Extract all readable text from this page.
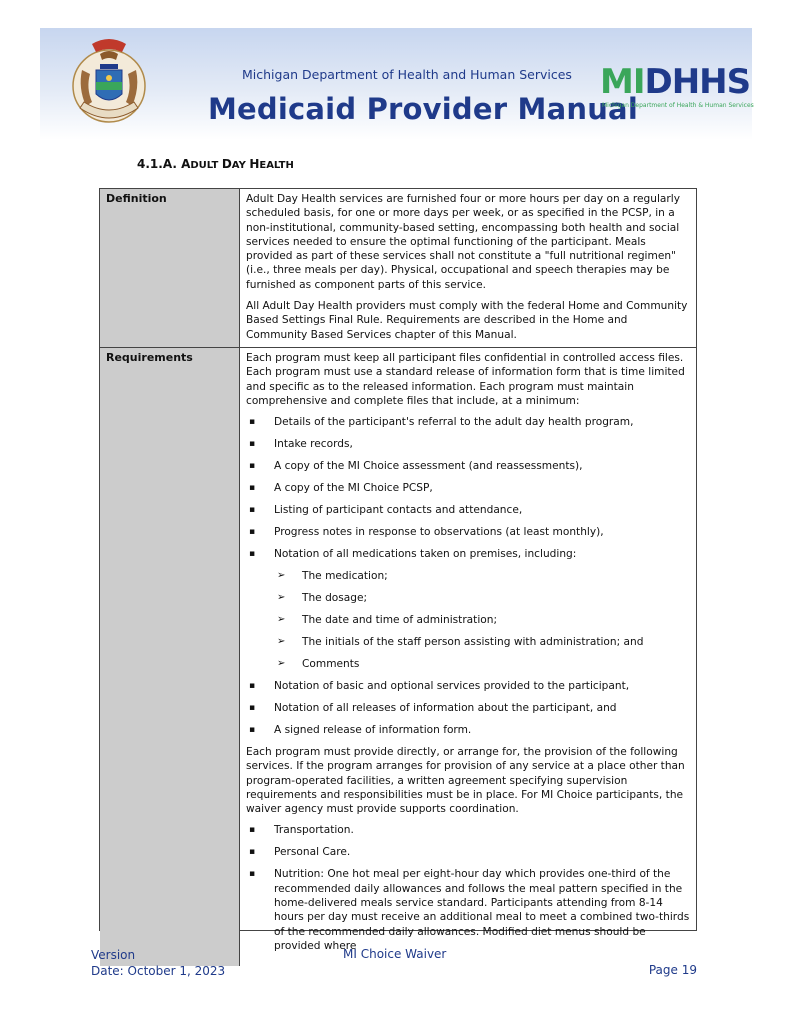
Michigan Department of Health and Human Services
Medicaid Provider Manual
MIDHHS
Michigan Department of Health & Human Services
4.1.A. ADULT DAY HEALTH
Definition	Adult Day Health services are furnished four or more hours per day on a regularly scheduled basis, for one or more days per week, or as specified in the PCSP, in a non-institutional, community-based setting, encompassing both health and social services needed to ensure the optimal functioning of the participant. Meals provided as part of these services shall not constitute a "full nutritional regimen" (i.e., three meals per day). Physical, occupational and speech therapies may be furnished as component parts of this service.

All Adult Day Health providers must comply with the federal Home and Community Based Settings Final Rule. Requirements are described in the Home and Community Based Services chapter of this Manual.

Requirements	Each program must keep all participant files confidential in controlled access files. Each program must use a standard release of information form that is time limited and specific as to the released information. Each program must maintain comprehensive and complete files that include, at a minimum:

▪ Details of the participant's referral to the adult day health program,
▪ Intake records,
▪ A copy of the MI Choice assessment (and reassessments),
▪ A copy of the MI Choice PCSP,
▪ Listing of participant contacts and attendance,
▪ Progress notes in response to observations (at least monthly),
▪ Notation of all medications taken on premises, including:
➢ The medication;
➢ The dosage;
➢ The date and time of administration;
➢ The initials of the staff person assisting with administration; and
➢ Comments
▪ Notation of basic and optional services provided to the participant,
▪ Notation of all releases of information about the participant, and
▪ A signed release of information form.

Each program must provide directly, or arrange for, the provision of the following services. If the program arranges for provision of any service at a place other than program-operated facilities, a written agreement specifying supervision requirements and responsibilities must be in place. For MI Choice participants, the waiver agency must provide supports coordination.

▪ Transportation.
▪ Personal Care.
▪ Nutrition: One hot meal per eight-hour day which provides one-third of the recommended daily allowances and follows the meal pattern specified in the home-delivered meals service standard. Participants attending from 8-14 hours per day must receive an additional meal to meet a combined two-thirds of the recommended daily allowances. Modified diet menus should be provided where
Version
Date: October 1, 2023
MI Choice Waiver
Page 19
